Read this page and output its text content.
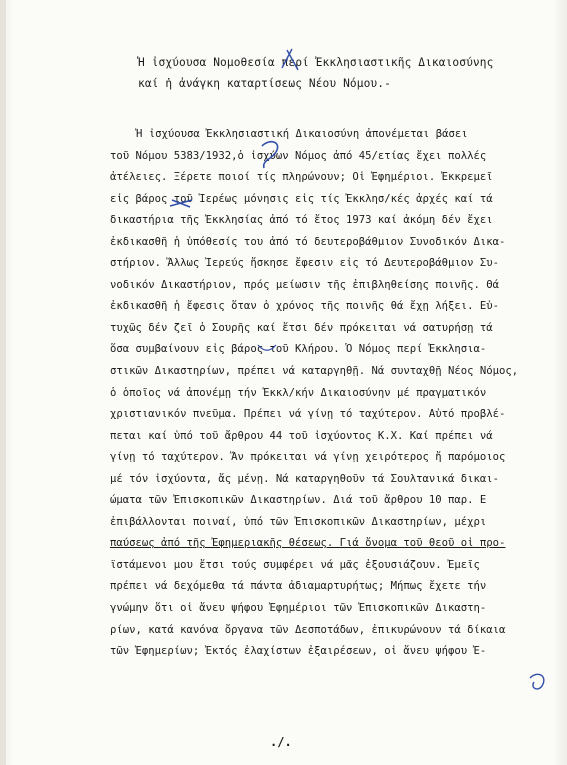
Ἡ ἰσχύουσα Νομοθεσία περί Ἐκκλησιαστικῆς Δικαιοσύνης
καί ἡ ἀνάγκη καταρτίσεως Νέου Νόμου.-
Ἡ ἰσχύουσα Ἐκκλησιαστική Δικαιοσύνη ἀπονέμεται βάσει
τοῦ Νόμου 5383/1932,ὁ ἰσχύων Νόμος ἀπό 45/ετίας ἔχει πολλές
ἀτέλειες. Ξέρετε ποιοί τίς πληρώνουν; Οἱ Ἐφημέριοι. Ἐκκρεμεῖ
εἰς βάρος τοῦ Ἱερέως μόνησις εἰς τίς Ἐκκλησ/κές ἀρχές καί τά
δικαστήρια τῆς Ἐκκλησίας ἀπό τό ἔτος 1973 καί ἀκόμη δέν ἔχει
ἐκδικασθῆ ἡ ὑπόθεσίς του ἀπό τό δευτεροβάθμιον Συνοδικόν Δικα-
στήριον. Ἄλλως Ἱερεύς ἤσκησε ἔφεσιν εἰς τό Δευτεροβάθμιον Συ-
νοδικόν Δικαστήριον, πρός μείωσιν τῆς ἐπιβληθείσης ποινῆς. Θά
ἐκδικασθῆ ἡ ἔφεσις ὅταν ὁ χρόνος τῆς ποινῆς θά ἔχῃ λήξει. Εὐ-
τυχῶς δέν ζεῖ ὁ Σουρῆς καί ἔτσι δέν πρόκειται νά σατυρήσῃ τά
ὅσα συμβαίνουν εἰς βάρος τοῦ Κλήρου. Ὁ Νόμος περί Ἐκκλησια-
στικῶν Δικαστηρίων, πρέπει νά καταργηθῇ. Νά συνταχθῇ Νέος Νόμος,
ὁ ὁποῖος νά ἀπονέμῃ τήν Ἐκκλ/κήν Δικαιοσύνην μέ πραγματικόν
χριστιανικόν πνεῦμα. Πρέπει νά γίνῃ τό ταχύτερον. Αὐτό προβλέ-
πεται καί ὑπό τοῦ ἄρθρου 44 τοῦ ἰσχύοντος Κ.Χ. Καί πρέπει νά
γίνῃ τό ταχύτερον. Ἄν πρόκειται νά γίνῃ χειρότερος ἤ παρόμοιος
μέ τόν ἰσχύοντα, ἄς μένῃ. Νά καταργηθοῦν τά Σουλτανικά δικαι-
ώματα τῶν Ἐπισκοπικῶν Δικαστηρίων. Διά τοῦ ἄρθρου 10 παρ. Ε
ἐπιβάλλονται ποιναί, ὑπό τῶν Ἐπισκοπικῶν Δικαστηρίων, μέχρι
παύσεως ἀπό τῆς Ἐφημεριακῆς θέσεως. Γιά ὄνομα τοῦ θεοῦ οἱ προ-
ϊστάμενοι μου ἔτσι τούς συμφέρει νά μᾶς ἐξουσιάζουν. Ἐμεῖς
πρέπει νά δεχόμεθα τά πάντα ἀδιαμαρτυρήτως; Μήπως ἔχετε τήν
γνώμην ὅτι οἱ ἄνευ ψήφου Ἐφημέριοι τῶν Ἐπισκοπικῶν Δικαστη-
ρίων, κατά κανόνα ὄργανα τῶν Δεσποτάδων, ἐπικυρώνουν τά δίκαια
τῶν Ἐφημερίων; Ἐκτός ἐλαχίστων ἐξαιρέσεων, οἱ ἄνευ ψήφου Ἐ-
./.
